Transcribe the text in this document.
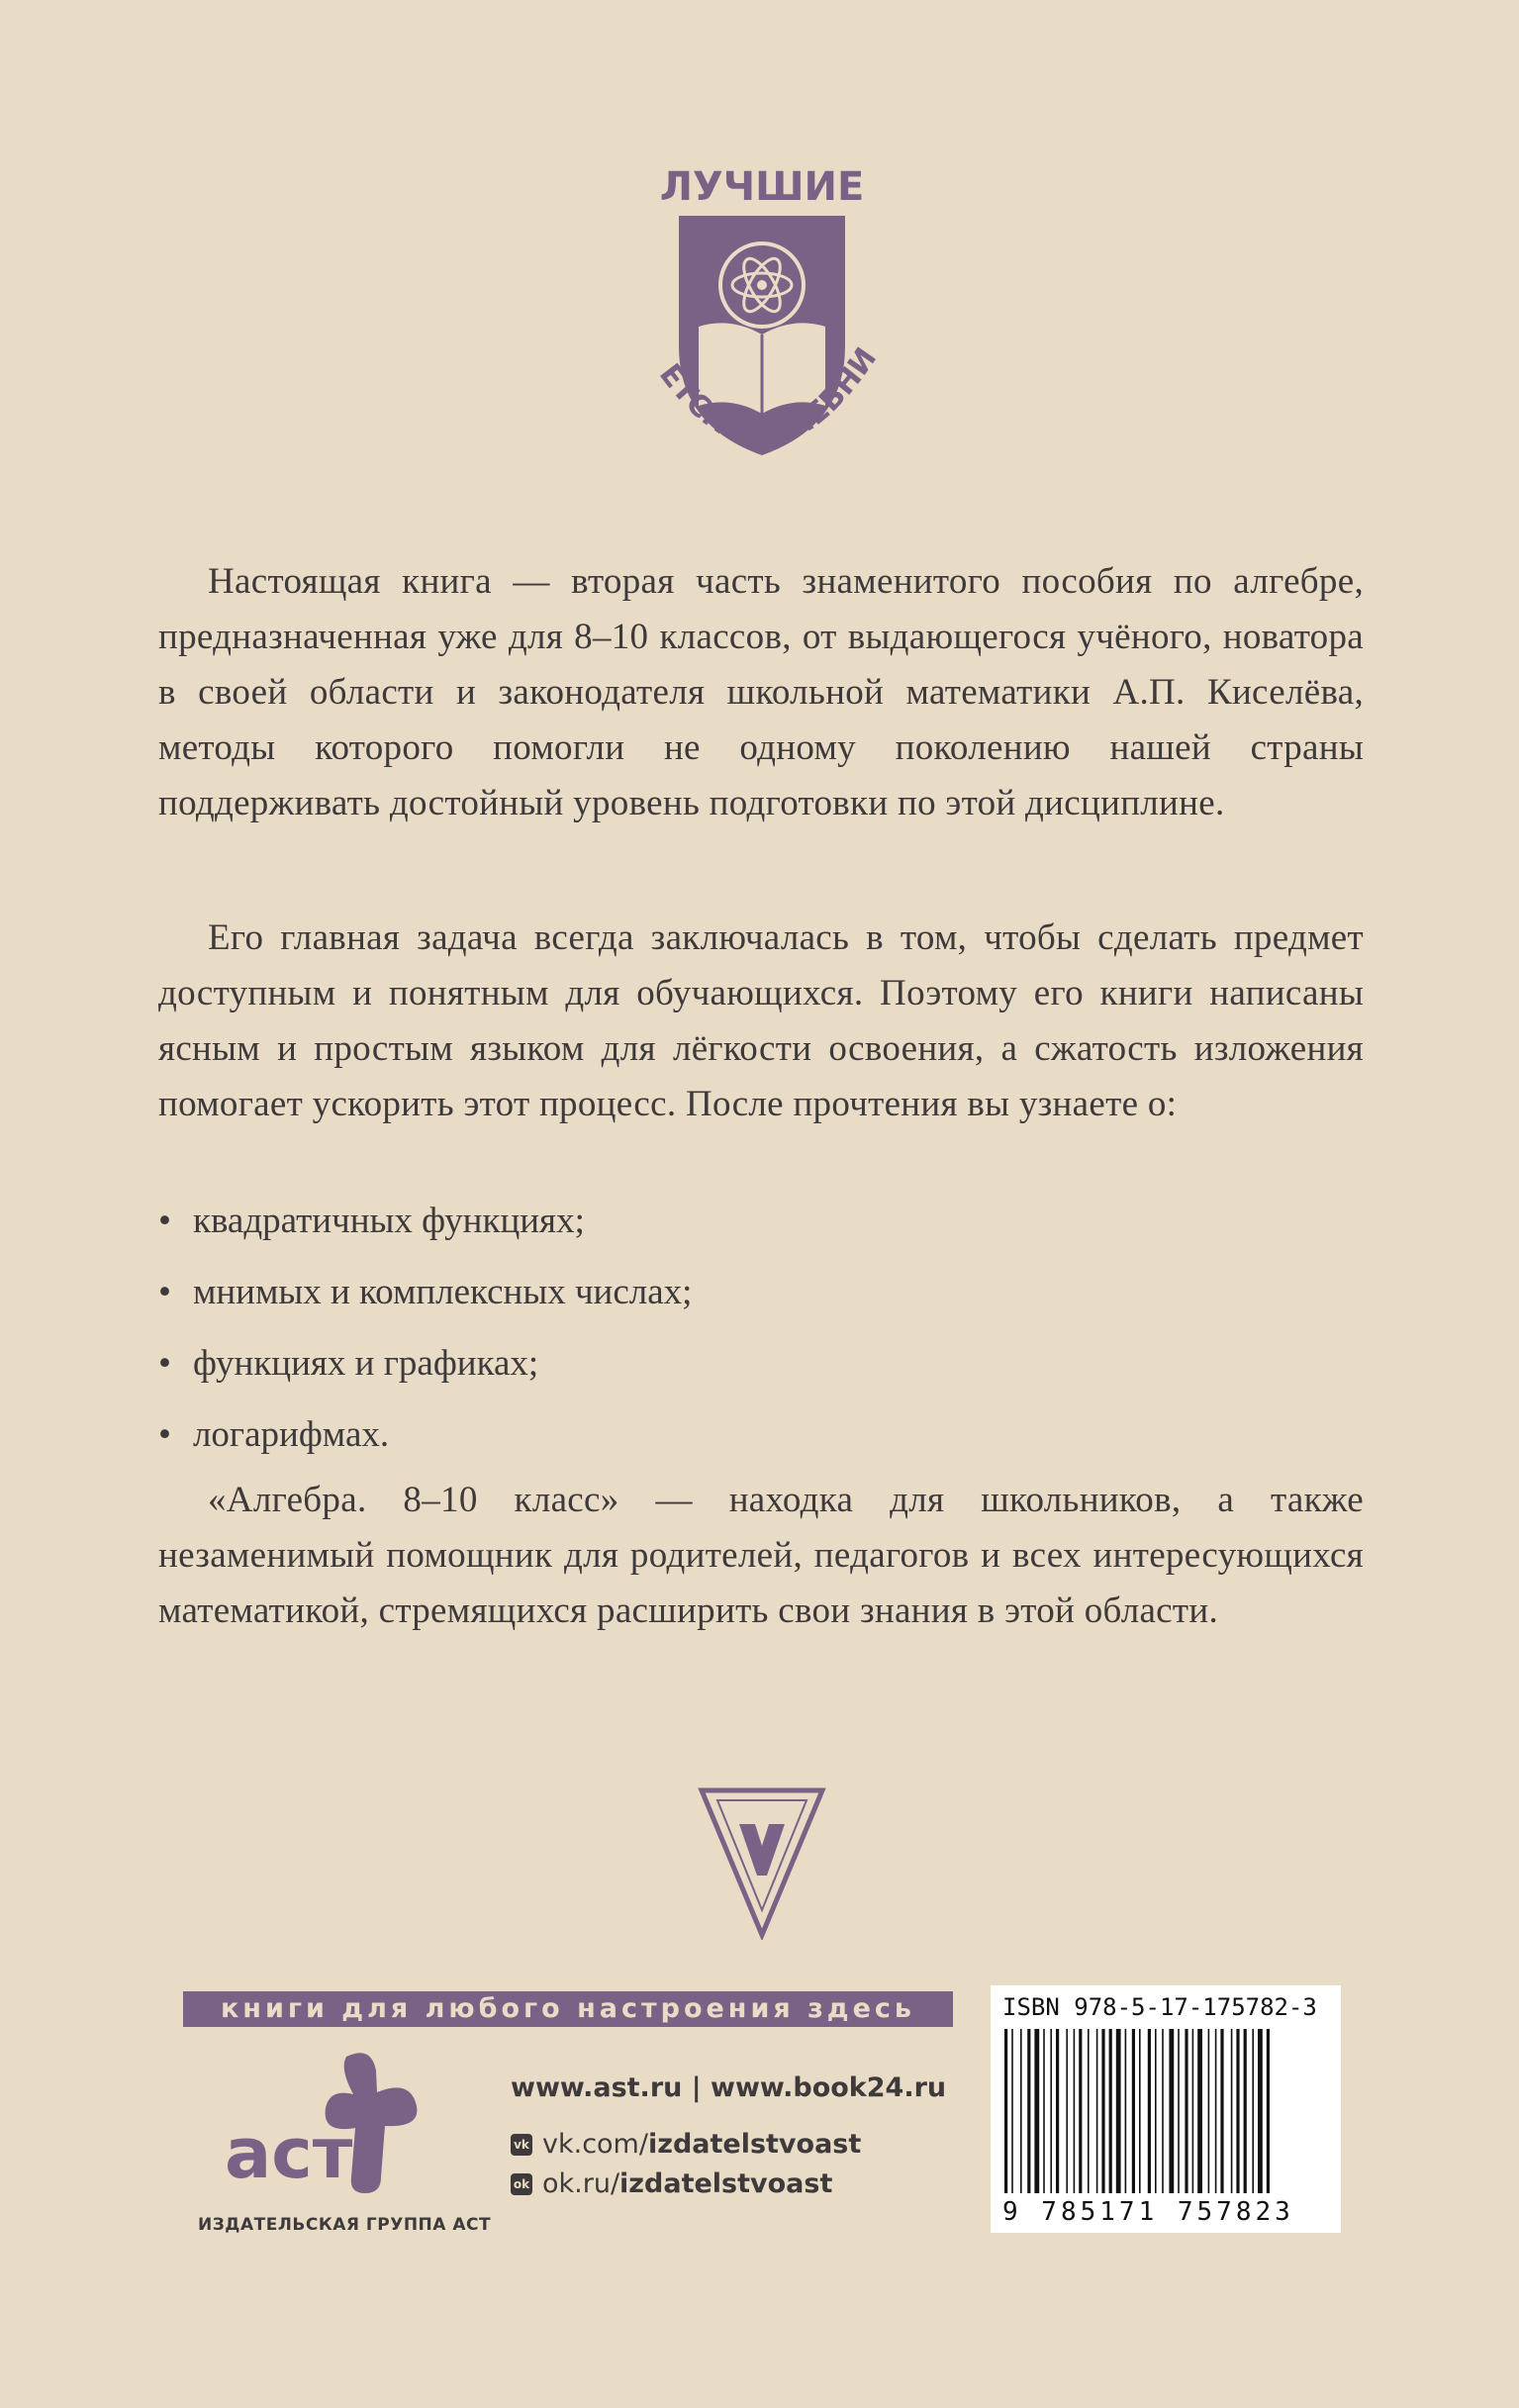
ЛУЧШИЕ
ЕТСКИЕ УЧЕБНИ
Настоящая книга — вторая часть знаменитого пособия по алгебре, предназначенная уже для 8–10 классов, от выдающегося учёного, новатора в своей области и законодателя школьной математики А.П. Киселёва, методы которого помогли не одному поколению нашей страны поддерживать достойный уровень подготовки по этой дисциплине.
Его главная задача всегда заключалась в том, чтобы сделать предмет доступным и понятным для обучающихся. Поэтому его книги написаны ясным и простым языком для лёгкости освоения, а сжатость изложения помогает ускорить этот процесс. После прочтения вы узнаете о:
• квадратичных функциях;
• мнимых и комплексных числах;
• функциях и графиках;
• логарифмах.
«Алгебра. 8–10 класс» — находка для школьников, а также незаменимый помощник для родителей, педагогов и всех интересующихся математикой, стремящихся расширить свои знания в этой области.
книги для любого настроения здесь
аст
ИЗДАТЕЛЬСКАЯ ГРУППА АСТ
www.ast.ru | www.book24.ru
vk vk.com/ izdatelstvoast
ok ok.ru/ izdatelstvoast
ISBN 978-5-17-175782-3
9 785171 757823
